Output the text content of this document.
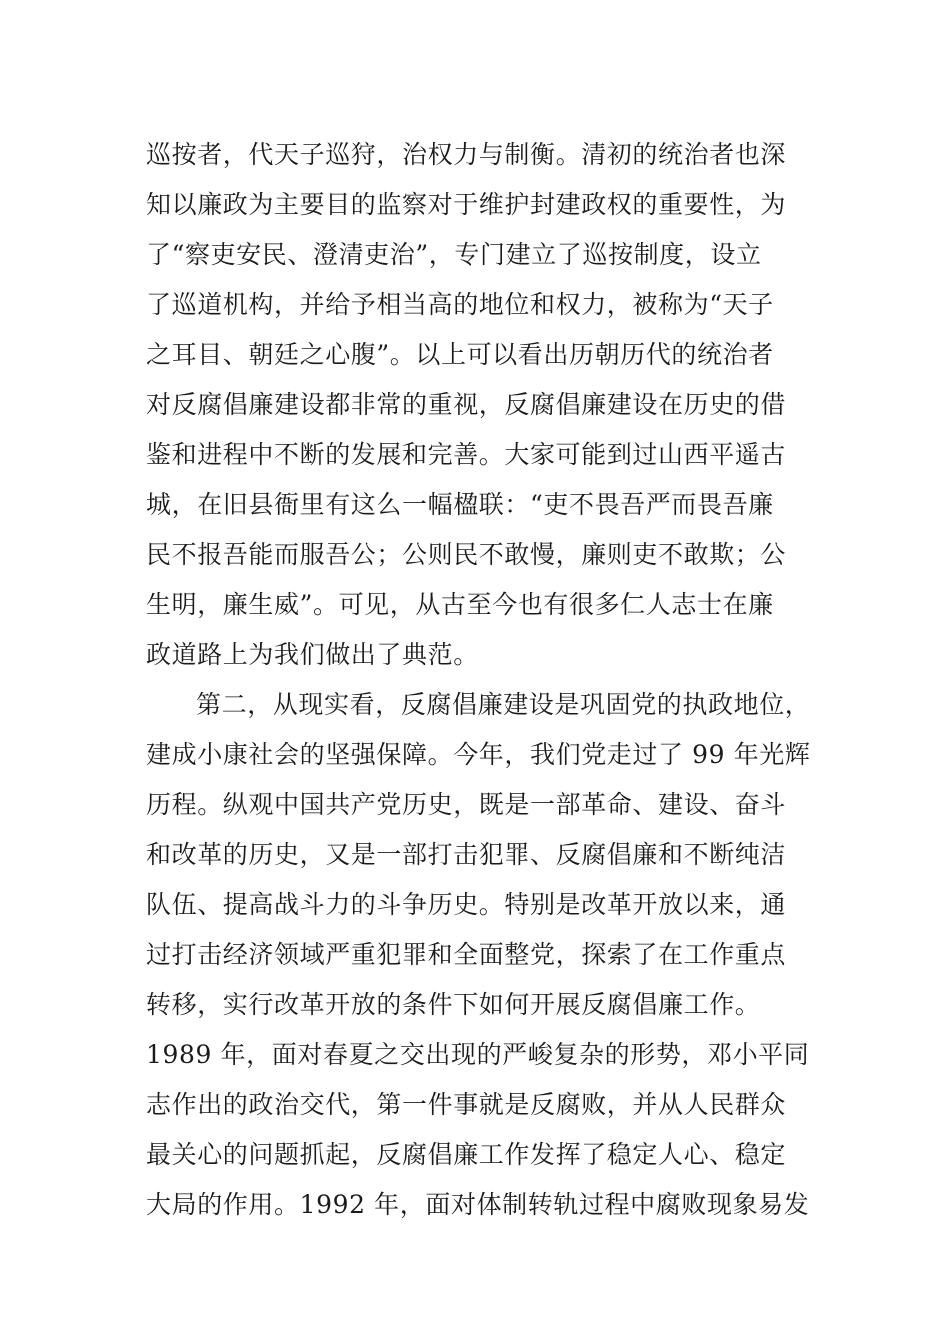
巡按者，代天子巡狩，治权力与制衡。清初的统治者也深
知以廉政为主要目的监察对于维护封建政权的重要性，为
了“察吏安民、澄清吏治”，专门建立了巡按制度，设立
了巡道机构，并给予相当高的地位和权力，被称为“天子
之耳目、朝廷之心腹”。以上可以看出历朝历代的统治者
对反腐倡廉建设都非常的重视，反腐倡廉建设在历史的借
鉴和进程中不断的发展和完善。大家可能到过山西平遥古
城，在旧县衙里有这么一幅楹联：“吏不畏吾严而畏吾廉
民不报吾能而服吾公；公则民不敢慢，廉则吏不敢欺；公
生明，廉生威”。可见，从古至今也有很多仁人志士在廉
政道路上为我们做出了典范。
第二，从现实看，反腐倡廉建设是巩固党的执政地位，
建成小康社会的坚强保障。今年，我们党走过了 99 年光辉
历程。纵观中国共产党历史，既是一部革命、建设、奋斗
和改革的历史，又是一部打击犯罪、反腐倡廉和不断纯洁
队伍、提高战斗力的斗争历史。特别是改革开放以来，通
过打击经济领域严重犯罪和全面整党，探索了在工作重点
转移，实行改革开放的条件下如何开展反腐倡廉工作。
1989 年，面对春夏之交出现的严峻复杂的形势，邓小平同
志作出的政治交代，第一件事就是反腐败，并从人民群众
最关心的问题抓起，反腐倡廉工作发挥了稳定人心、稳定
大局的作用。1992 年，面对体制转轨过程中腐败现象易发
